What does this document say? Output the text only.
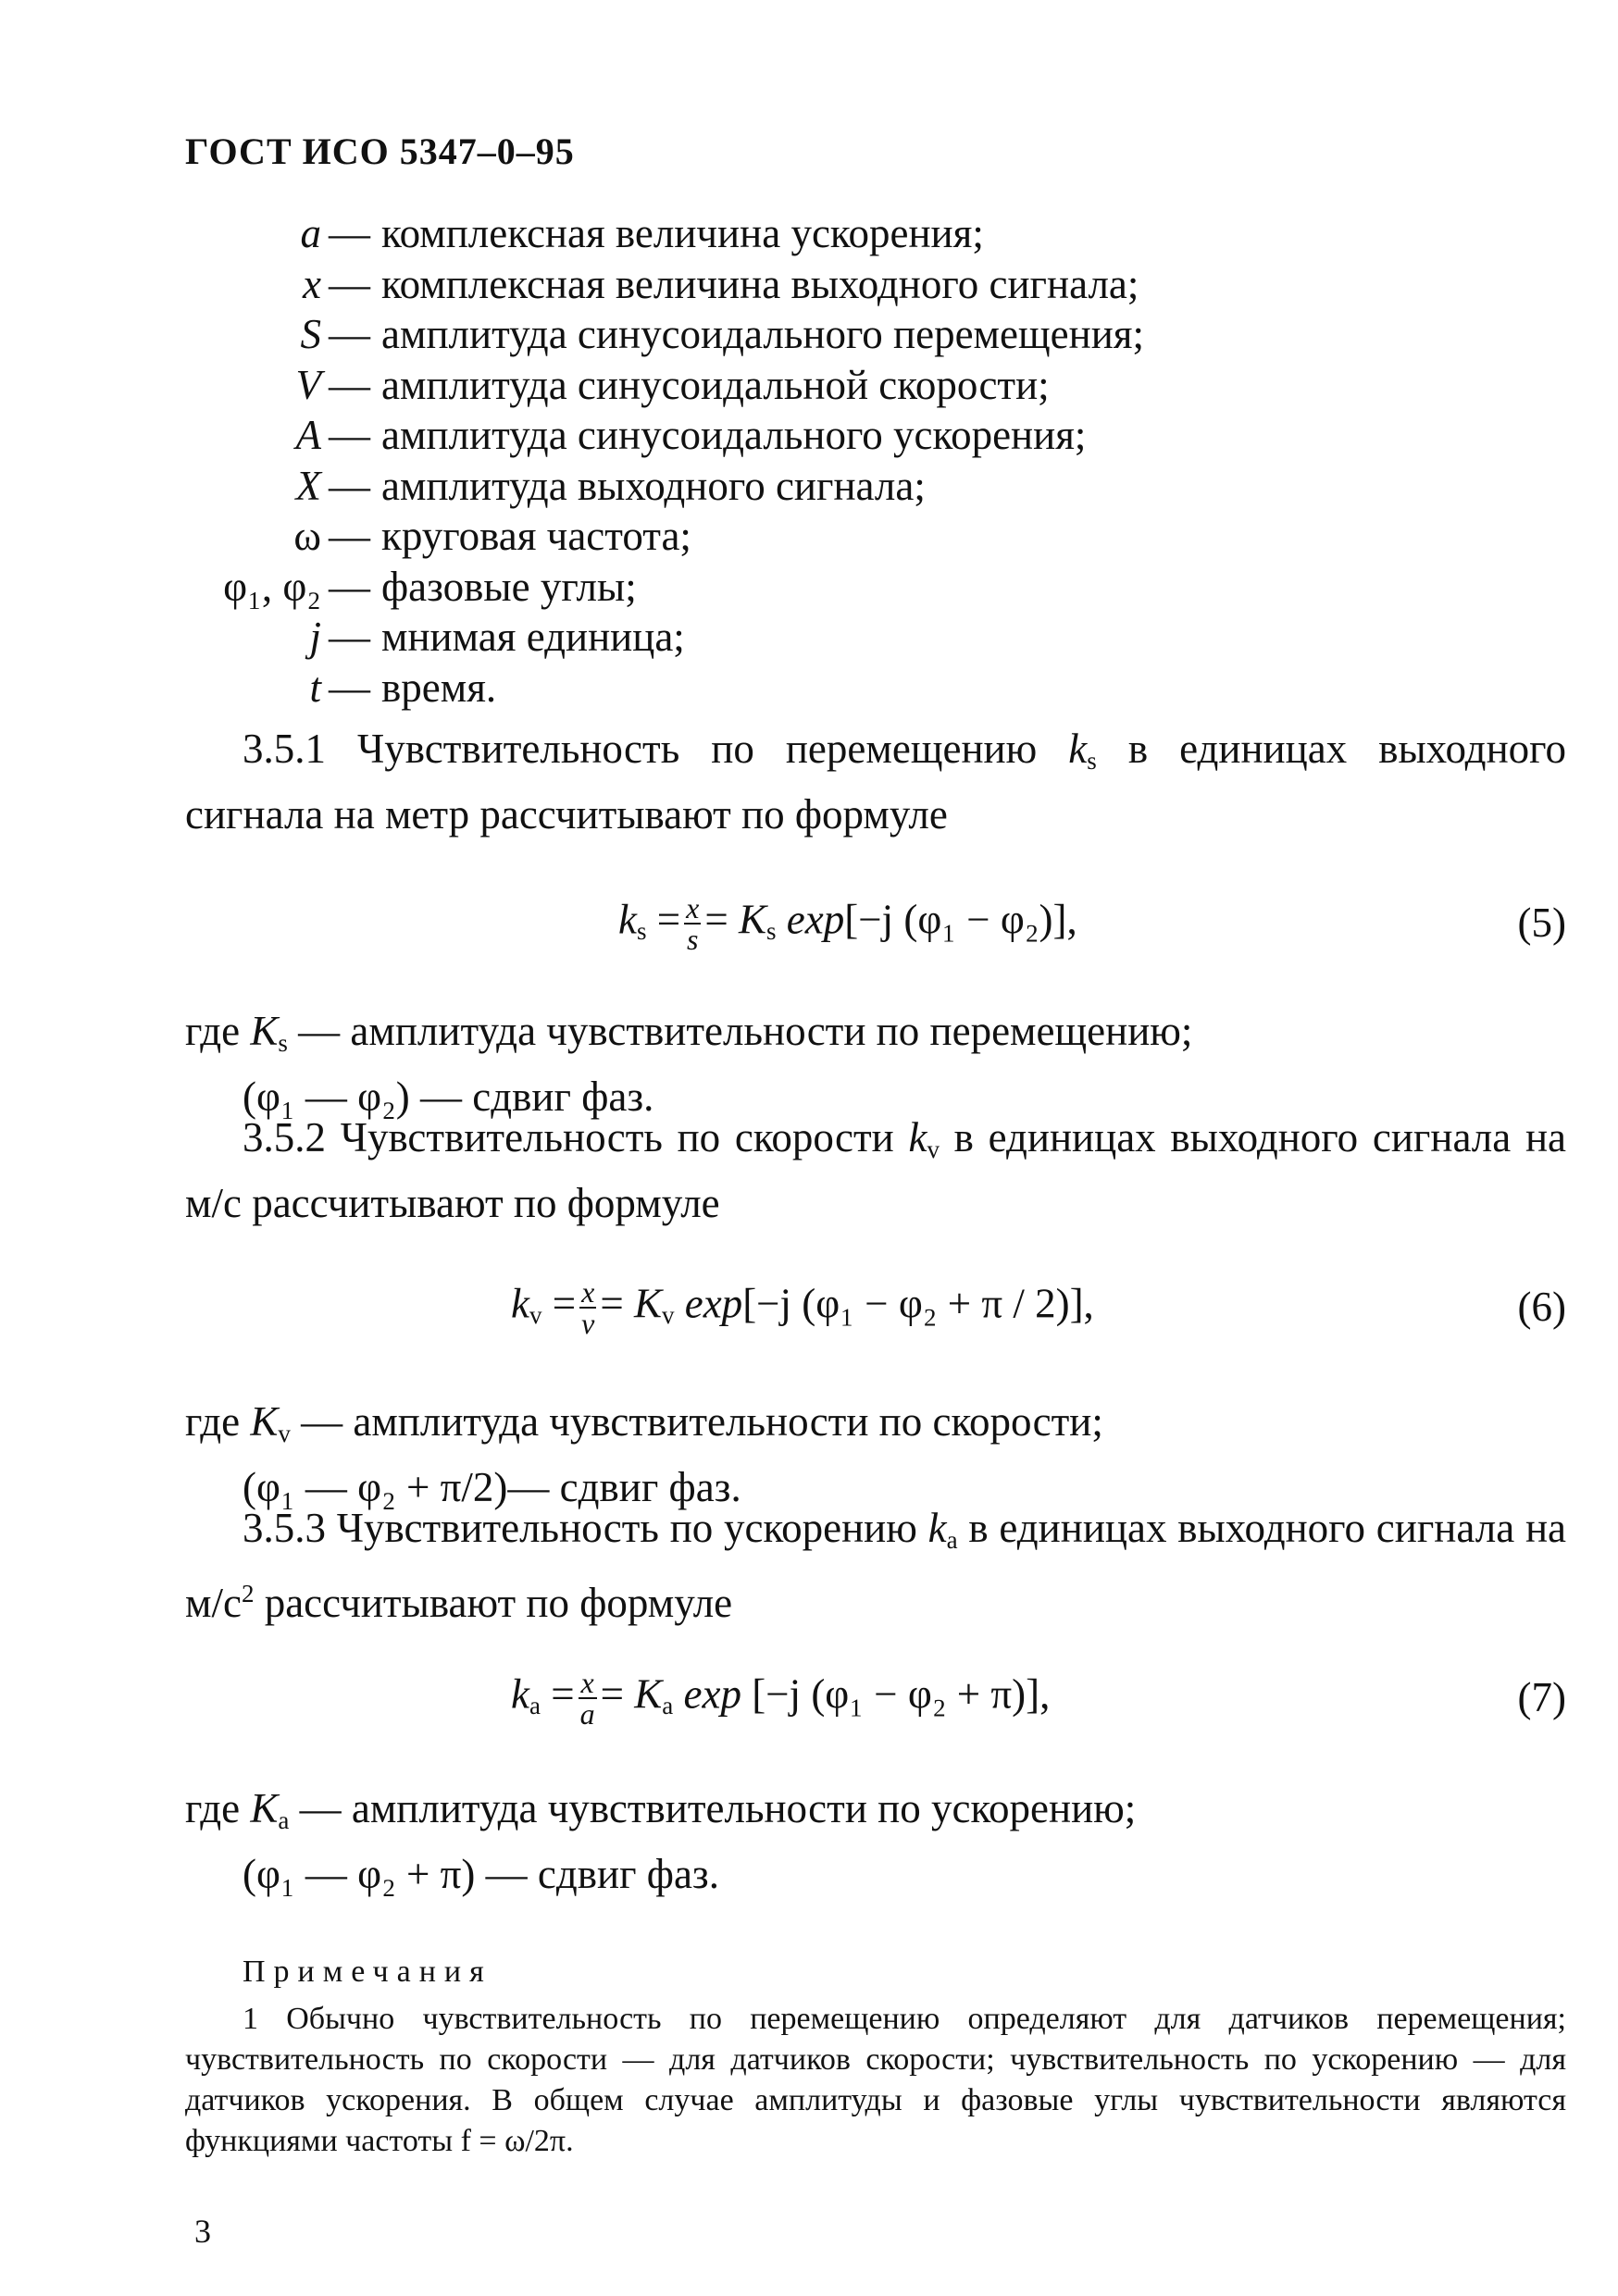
ГОСТ ИСО 5347–0–95
a — комплексная величина ускорения;
x — комплексная величина выходного сигнала;
S — амплитуда синусоидального перемещения;
V — амплитуда синусоидальной скорости;
A — амплитуда синусоидального ускорения;
X — амплитуда выходного сигнала;
ω — круговая частота;
φ₁, φ₂ — фазовые углы;
j — мнимая единица;
t — время.
3.5.1 Чувствительность по перемещению $k_s$ в единицах выходного сигнала на метр рассчитывают по формуле
$k_s = \frac{x}{s} = K_s$ exp[−j (φ₁ − φ₂)],	(5)
где $K_s$ — амплитуда чувствительности по перемещению;
(φ₁ — φ₂) — сдвиг фаз.
3.5.2 Чувствительность по скорости $k_v$ в единицах выходного сигнала на м/с рассчитывают по формуле
$k_v = \frac{x}{v} = K_v$ exp[−j (φ₁ − φ₂ + π / 2)],	(6)
где $K_v$ — амплитуда чувствительности по скорости;
(φ₁ — φ₂ + π/2)— сдвиг фаз.
3.5.3 Чувствительность по ускорению $k_a$ в единицах выходного сигнала на $м/с^2$ рассчитывают по формуле
$k_a = \frac{x}{a} = K_a$ exp [−j (φ₁ − φ₂ + π)],	(7)
где $K_a$ — амплитуда чувствительности по ускорению;
(φ₁ — φ₂ + π) — сдвиг фаз.
Примечания
1 Обычно чувствительность по перемещению определяют для датчиков перемещения; чувствительность по скорости — для датчиков скорости; чувствительность по ускорению — для датчиков ускорения. В общем случае амплитуды и фазовые углы чувствительности являются функциями частоты f = ω/2π.
3
